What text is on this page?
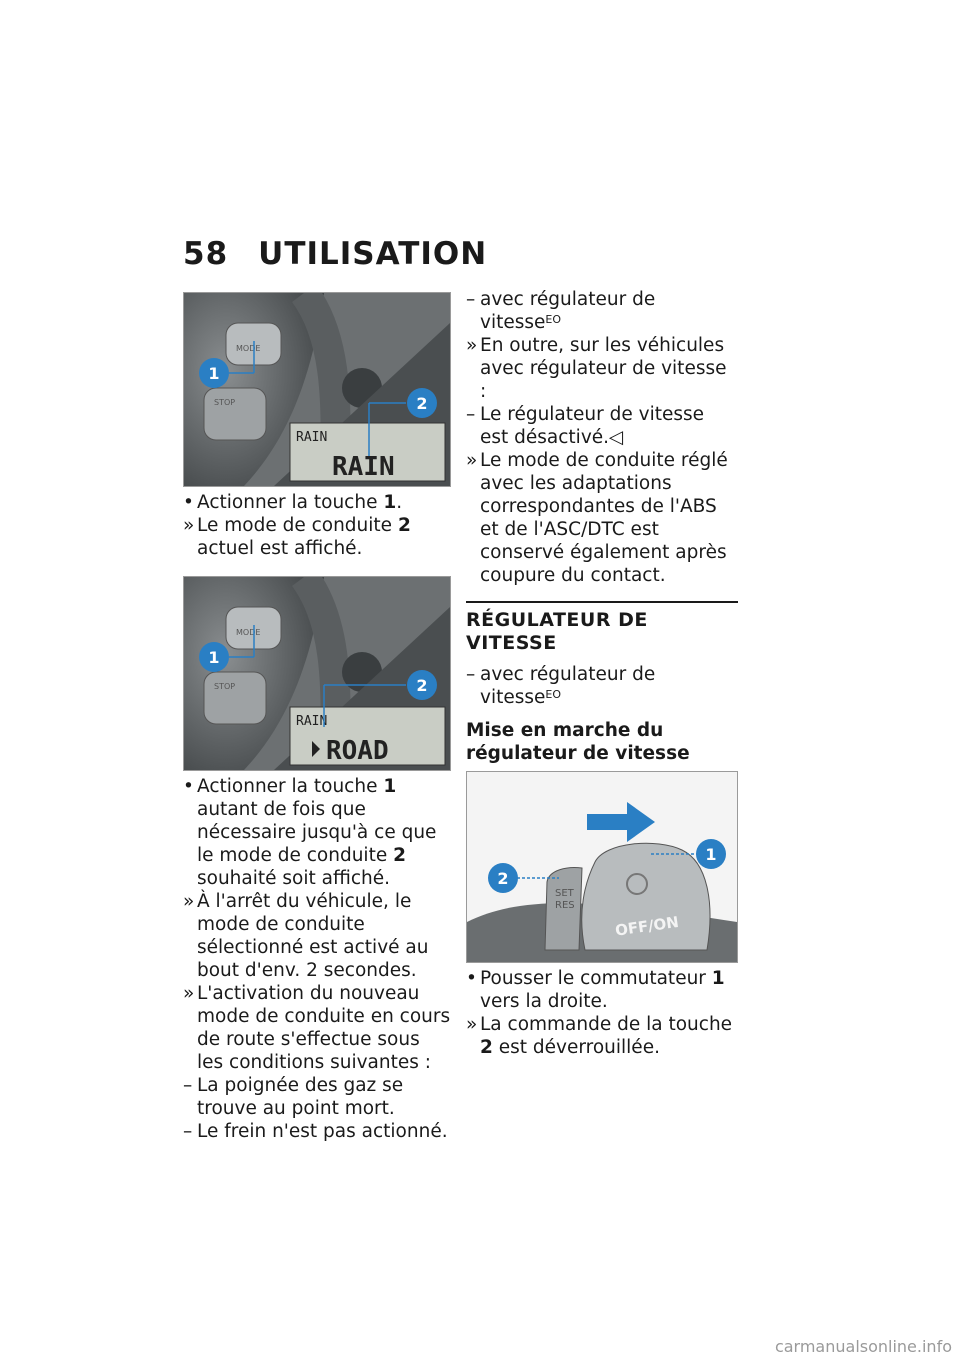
58 UTILISATION
MODE
STOP
RAIN
RAIN
1
2
• Actionner la touche 1.
» Le mode de conduite 2 actuel est affiché.
MODE
STOP
RAIN
ROAD
1
2
• Actionner la touche 1 autant de fois que nécessaire jusqu'à ce que le mode de conduite 2 souhaité soit affiché.
» À l'arrêt du véhicule, le mode de conduite sélectionné est activé au bout d'env. 2 secondes.
» L'activation du nouveau mode de conduite en cours de route s'effectue sous les conditions suivantes :
– La poignée des gaz se trouve au point mort.
– Le frein n'est pas actionné.
– avec régulateur de vitesse$^{EO}$
» En outre, sur les véhicules avec régulateur de vitesse :
– Le régulateur de vitesse est désactivé.◁
» Le mode de conduite réglé avec les adaptations correspondantes de l'ABS et de l'ASC/DTC est conservé également après coupure du contact.
RÉGULATEUR DE VITESSE
– avec régulateur de vitesse$^{EO}$
Mise en marche du régulateur de vitesse
SET
RES
OFF/ON
1
2
• Pousser le commutateur 1 vers la droite.
» La commande de la touche 2 est déverrouillée.
carmanualsonline.info
